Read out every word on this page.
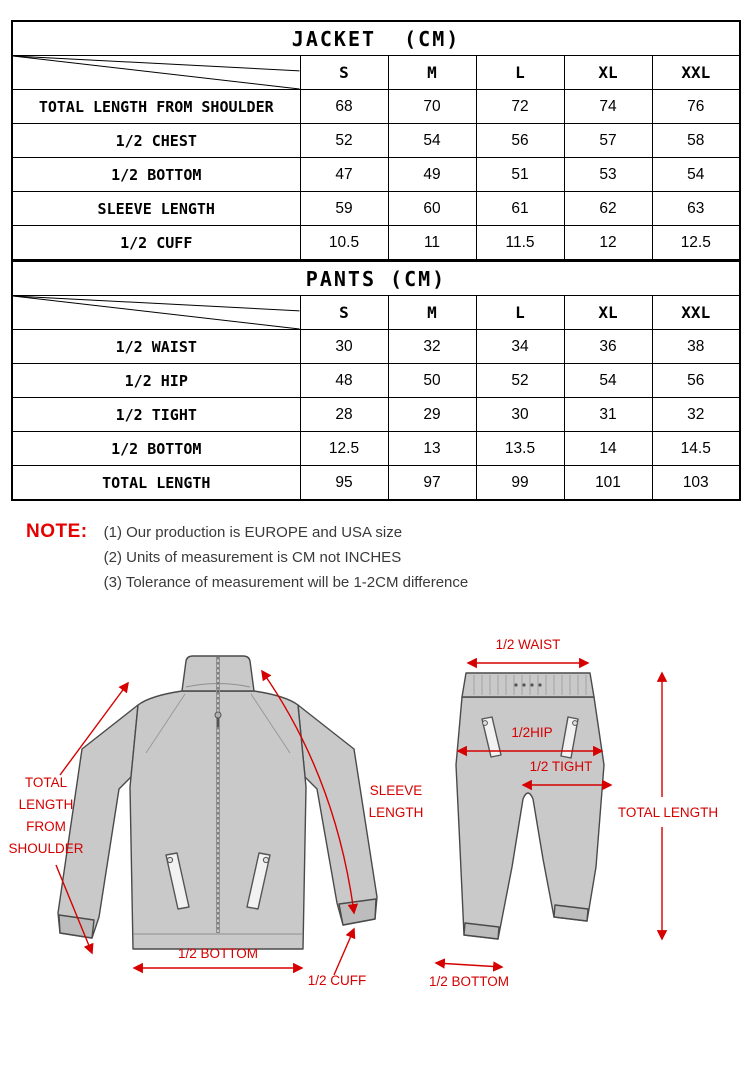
JACKET  (CM)					

	S	M	L	XL	XXL
TOTAL LENGTH FROM SHOULDER	68	70	72	74	76
1/2 CHEST	52	54	56	57	58
1/2 BOTTOM	47	49	51	53	54
SLEEVE LENGTH	59	60	61	62	63
1/2 CUFF	10.5	11	11.5	12	12.5
PANTS (CM)					

	S	M	L	XL	XXL
1/2 WAIST	30	32	34	36	38
1/2 HIP	48	50	52	54	56
1/2 TIGHT	28	29	30	31	32
1/2 BOTTOM	12.5	13	13.5	14	14.5
TOTAL LENGTH	95	97	99	101	103
NOTE: (1) Our production is EUROPE and USA size
(2) Units of measurement is CM not INCHES
(3) Tolerance of measurement will be 1-2CM difference
TOTAL
LENGTH
FROM
SHOULDER
SLEEVE
LENGTH
1/2 BOTTOM
1/2 CUFF
1/2 WAIST
1/2HIP
1/2 TIGHT
TOTAL LENGTH
1/2 BOTTOM
